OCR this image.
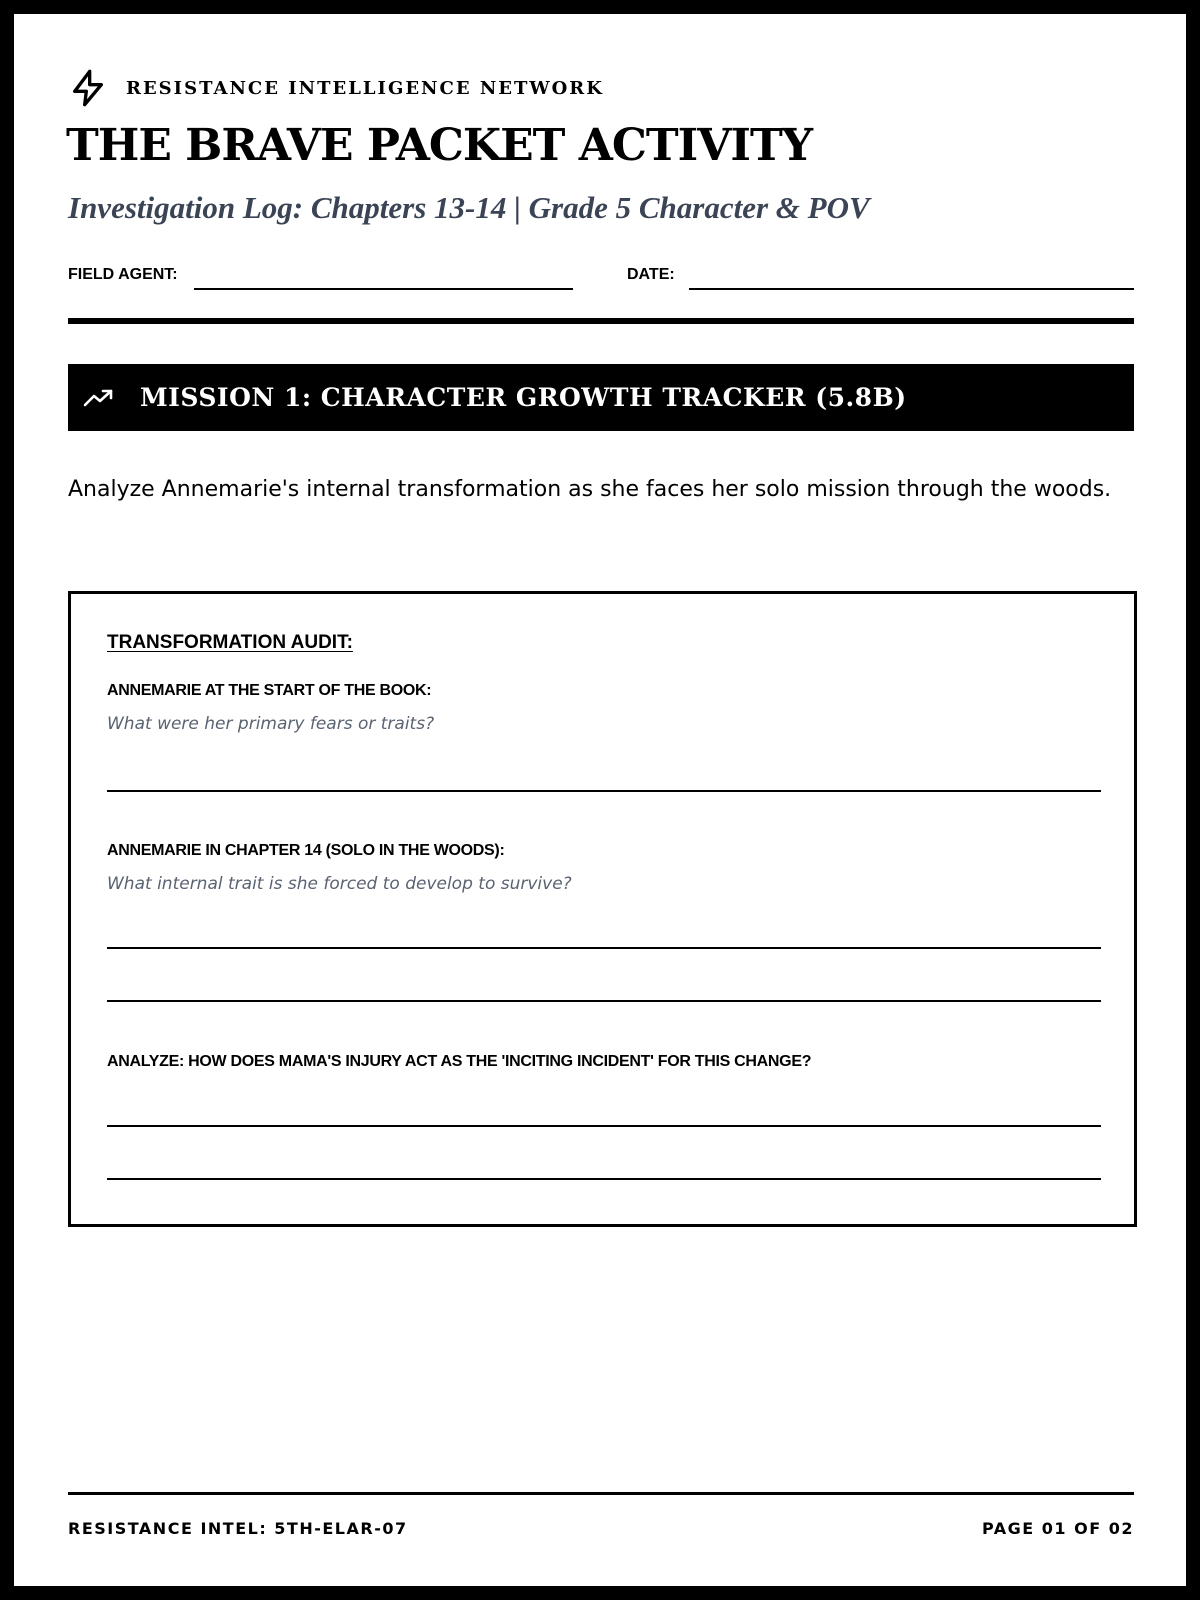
RESISTANCE INTELLIGENCE NETWORK
THE BRAVE PACKET ACTIVITY
Investigation Log: Chapters 13-14 | Grade 5 Character & POV
FIELD AGENT:	DATE:
MISSION 1: CHARACTER GROWTH TRACKER (5.8B)

Analyze Annemarie's internal transformation as she faces her solo mission through the woods.

TRANSFORMATION AUDIT:
ANNEMARIE AT THE START OF THE BOOK:
What were her primary fears or traits?
ANNEMARIE IN CHAPTER 14 (SOLO IN THE WOODS):
What internal trait is she forced to develop to survive?
ANALYZE: HOW DOES MAMA'S INJURY ACT AS THE 'INCITING INCIDENT' FOR THIS CHANGE?
RESISTANCE INTEL: 5TH-ELAR-07	PAGE 01 OF 02
